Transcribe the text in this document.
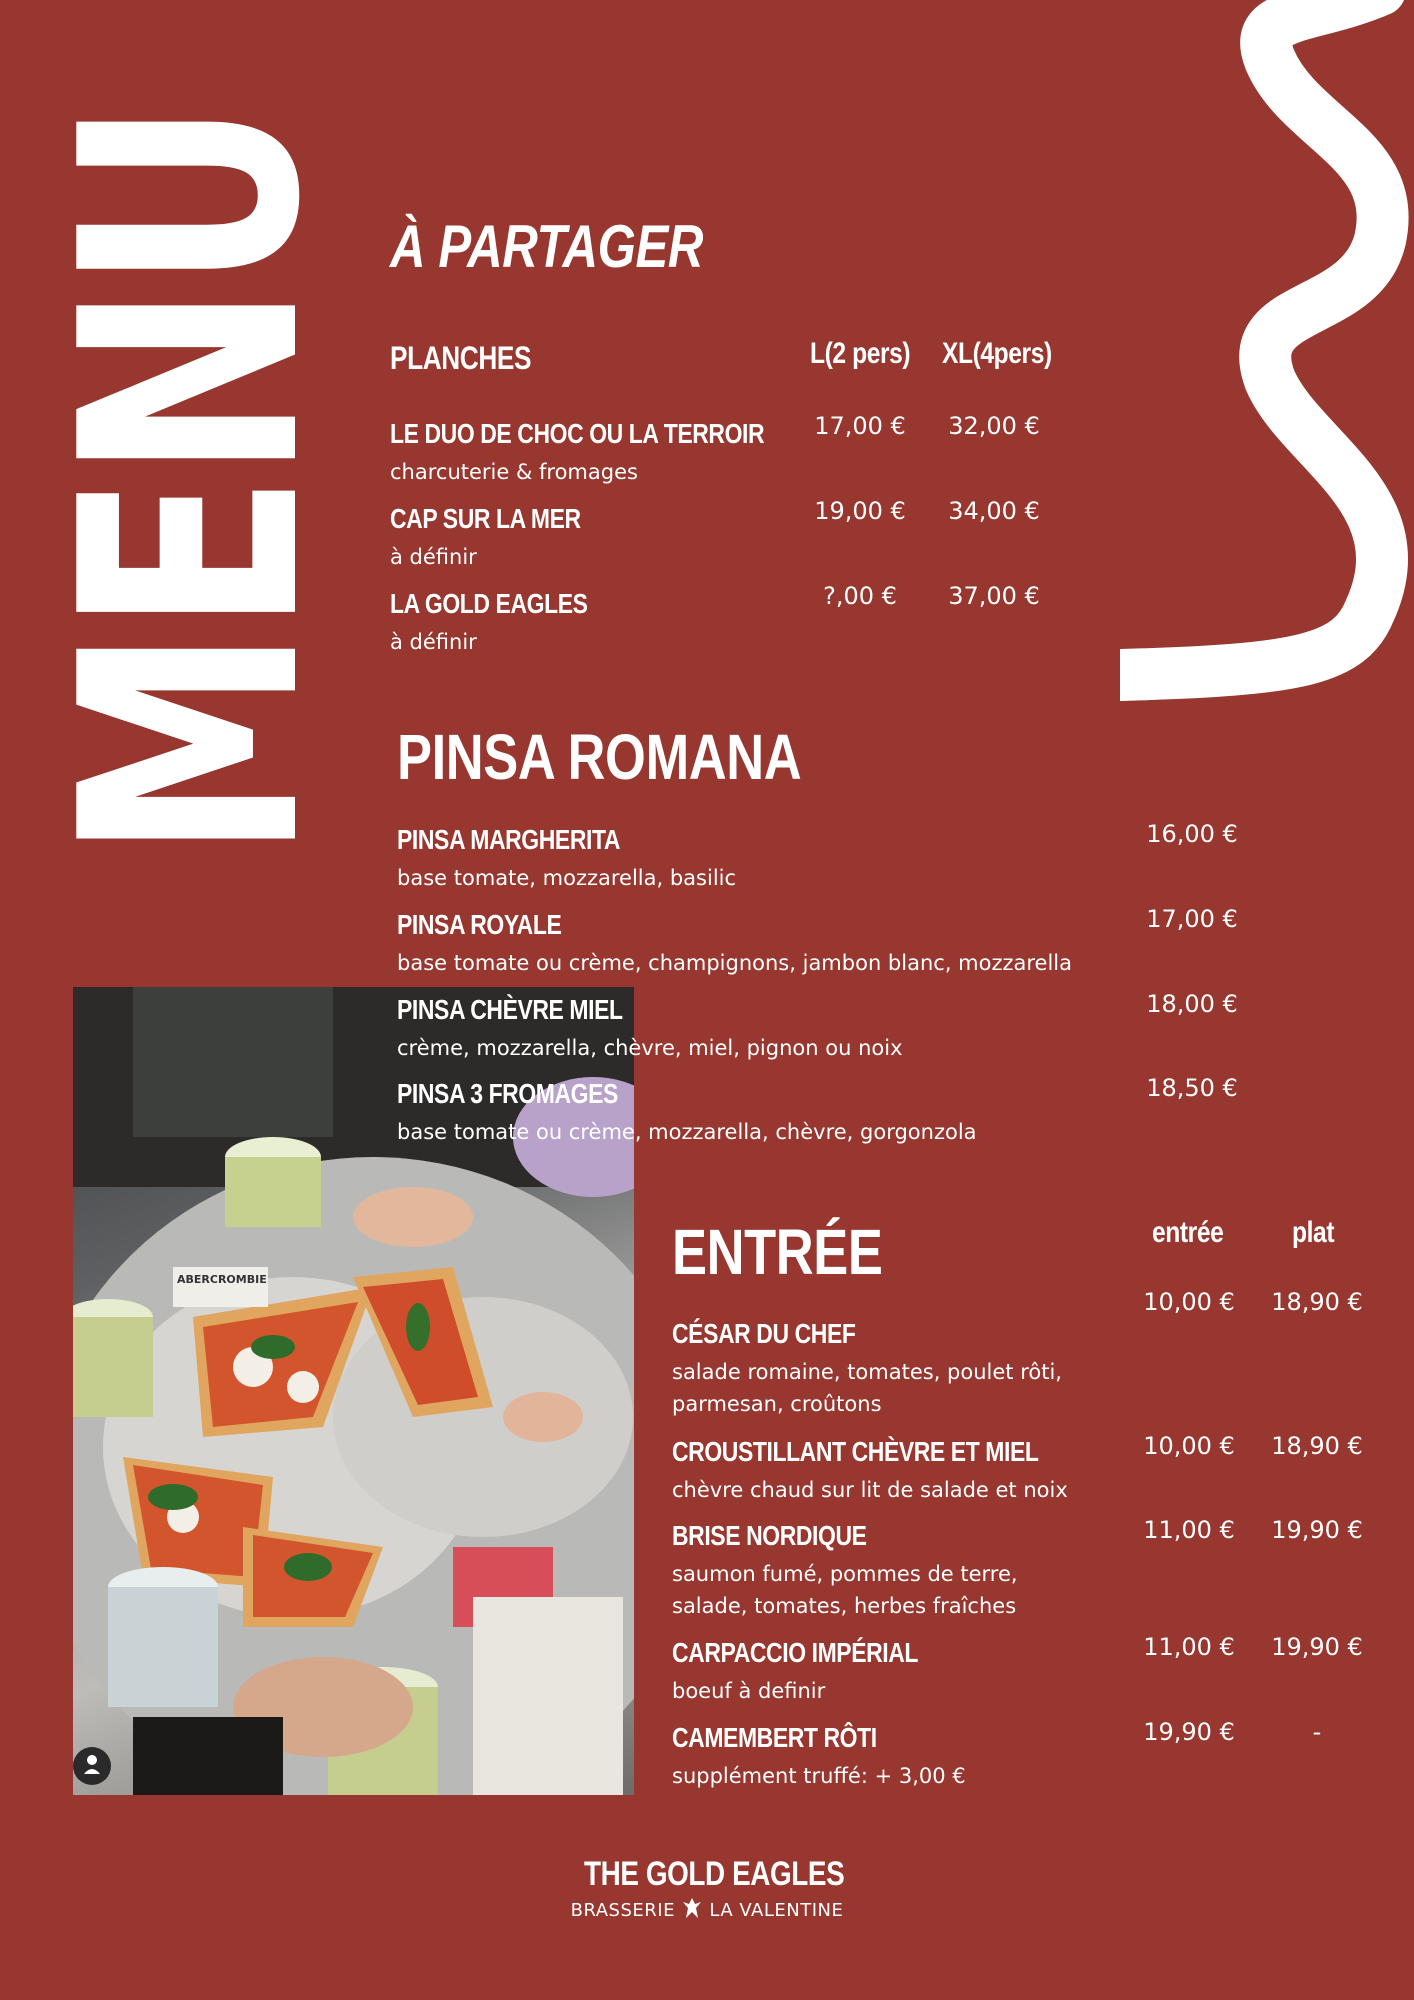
MENU À PARTAGER
PLANCHES	L(2 pers) XL(4pers)
LE DUO DE CHOC OU LA TERROIR
charcuterie & fromages
17,00 € 32,00 €
CAP SUR LA MER
à définir
19,00 € 34,00 €
LA GOLD EAGLES
à définir
?,00 €	37,00 €
ABERCROMBIE
PINSA ROMANA
PINSA MARGHERITA
base tomate, mozzarella, basilic
16,00 €
PINSA ROYALE
base tomate ou crème, champignons, jambon blanc, mozzarella
17,00 €
PINSA CHÈVRE MIEL
crème, mozzarella, chèvre, miel, pignon ou noix
18,00 €
PINSA 3 FROMAGES
base tomate ou crème, mozzarella, chèvre, gorgonzola
18,50 €
ENTRÉE	entrée plat
CÉSAR DU CHEF
salade romaine, tomates, poulet rôti,
parmesan, croûtons
10,00 €	18,90 €
CROUSTILLANT CHÈVRE ET MIEL
chèvre chaud sur lit de salade et noix
10,00 €	18,90 €
BRISE NORDIQUE
saumon fumé, pommes de terre,
salade, tomates, herbes fraîches
11,00 €	19,90 €
CARPACCIO IMPÉRIAL
boeuf à definir
11,00 €	19,90 €
CAMEMBERT RÔTI
supplément truffé: + 3,00 €
19,90 €	-
THE GOLD EAGLES
BRASSERIE LA VALENTINE
